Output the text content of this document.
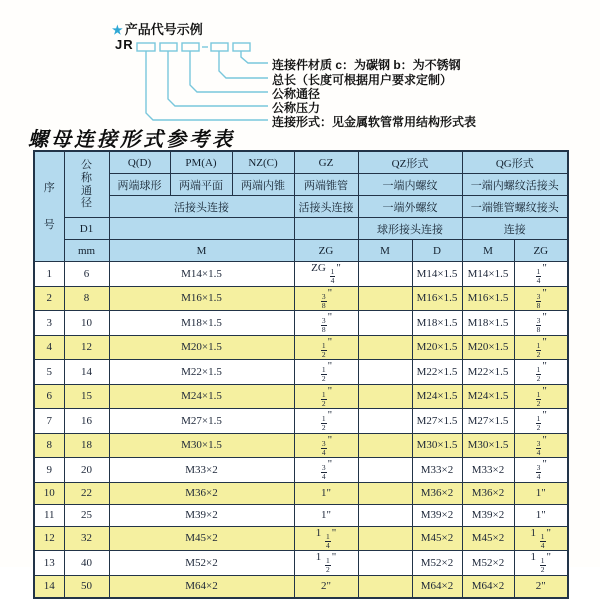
★ 产品代号示例
JR
连接件材质 c：为碳钢 b：为不锈钢
总长（长度可根据用户要求定制）
公称通径
公称压力
连接形式：见金属软管常用结构形式表
螺母连接形式参考表
序
号

公
称
通
径
	Q(D)	PM(A)	NZ(C)	GZ	QZ形式	QG形式
		两端球形	两端平面	两端内锥	两端锥管	一端内螺纹		一端内螺纹活接头	
		活接头连接			活接头连接	一端外螺纹		一端锥管螺纹接头	
	D1					球形接头连接		连接	
	mm	M			ZG	M	D	M	ZG
1	6	M14×1.5			ZG $\frac{1}{4}$ "		M14×1.5	M14×1.5	$\frac{1}{4}$ "
2	8	M16×1.5			$\frac{3}{8}$ "		M16×1.5	M16×1.5	$\frac{3}{8}$ "
3	10	M18×1.5			$\frac{3}{8}$ "		M18×1.5	M18×1.5	$\frac{3}{8}$ "
4	12	M20×1.5			$\frac{1}{2}$ "		M20×1.5	M20×1.5	$\frac{1}{2}$ "
5	14	M22×1.5			$\frac{1}{2}$ "		M22×1.5	M22×1.5	$\frac{1}{2}$ "
6	15	M24×1.5			$\frac{1}{2}$ "		M24×1.5	M24×1.5	$\frac{1}{2}$ "
7	16	M27×1.5			$\frac{1}{2}$ "		M27×1.5	M27×1.5	$\frac{1}{2}$ "
8	18	M30×1.5			$\frac{3}{4}$ "		M30×1.5	M30×1.5	$\frac{3}{4}$ "
9	20	M33×2			$\frac{3}{4}$ "		M33×2	M33×2	$\frac{3}{4}$ "
10	22	M36×2			1"		M36×2	M36×2	1"
11	25	M39×2			1"		M39×2	M39×2	1"
12	32	M45×2			$1 \frac{1}{4}$ "		M45×2	M45×2	$1 \frac{1}{4}$ "
13	40	M52×2			$1 \frac{1}{2}$ "		M52×2	M52×2	$1 \frac{1}{2}$ "
14	50	M64×2			2"		M64×2	M64×2	2"
